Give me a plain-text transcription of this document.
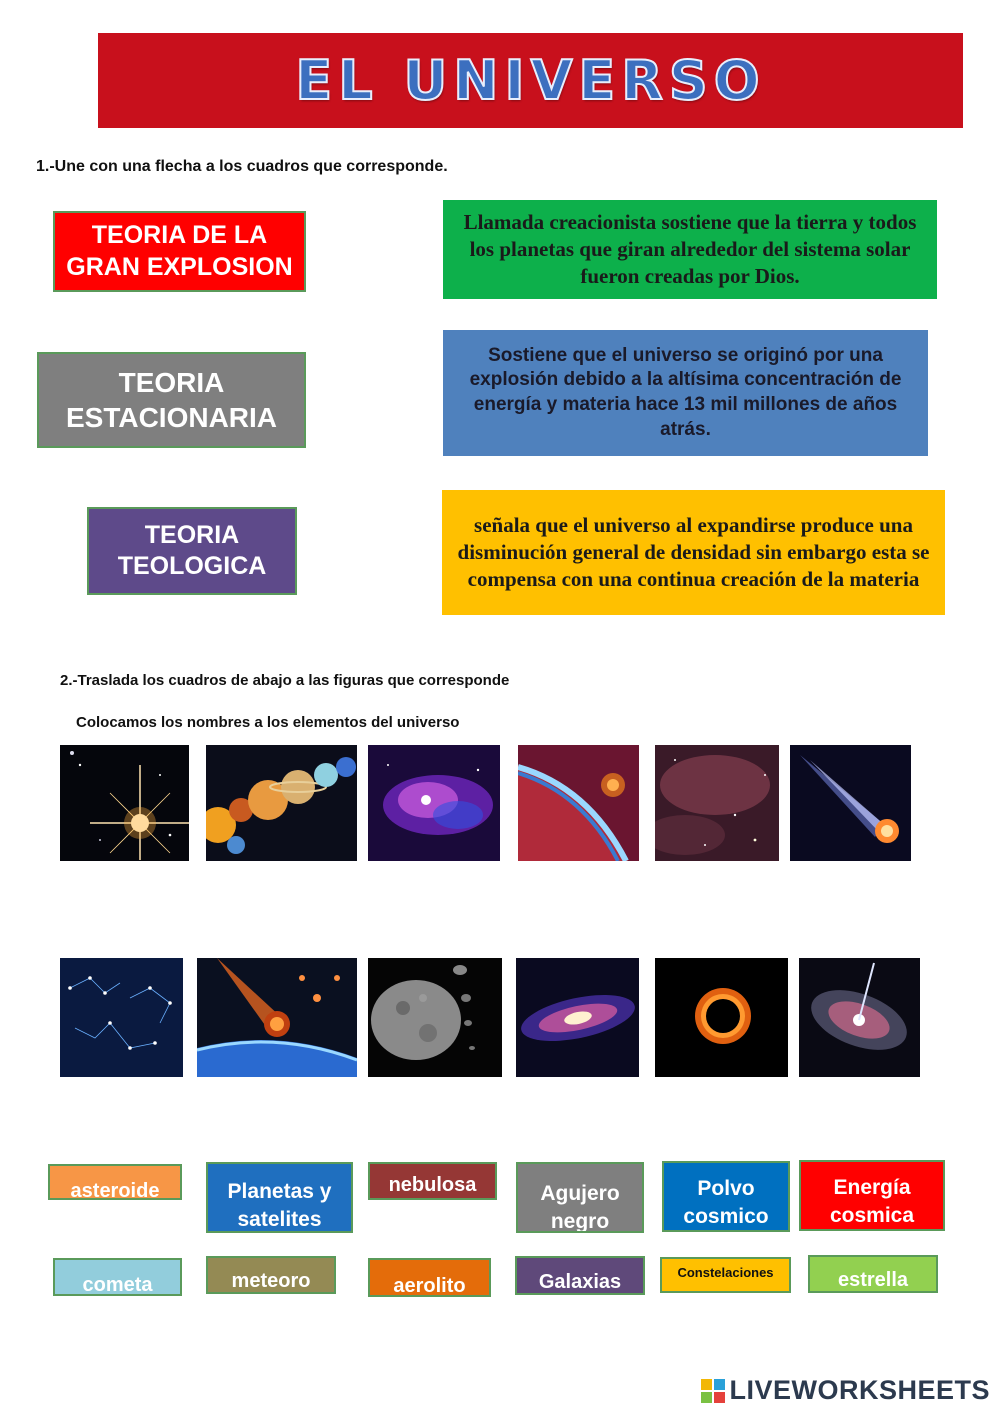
EL UNIVERSO
1.-Une con una flecha a los cuadros que corresponde.
TEORIA DE LA GRAN EXPLOSION
TEORIA ESTACIONARIA
TEORIA TEOLOGICA
Llamada creacionista sostiene que la tierra y todos los planetas que giran alrededor del sistema solar fueron creadas por Dios.
Sostiene que el universo se originó por una explosión debido a la altísima concentración de energía y materia hace 13 mil millones de años atrás.
señala que el universo al expandirse produce una disminución general de densidad sin embargo esta se compensa con una continua creación de la materia
2.-Traslada los cuadros de abajo a las figuras que corresponde
Colocamos los nombres a los elementos del universo
asteroide	Planetas y satelites
nebulosa	Agujero negro
Polvo cosmico
Energía cosmica
cometa	meteoro	aerolito	Galaxias	Constelaciones	estrella
LIVEWORKSHEETS
